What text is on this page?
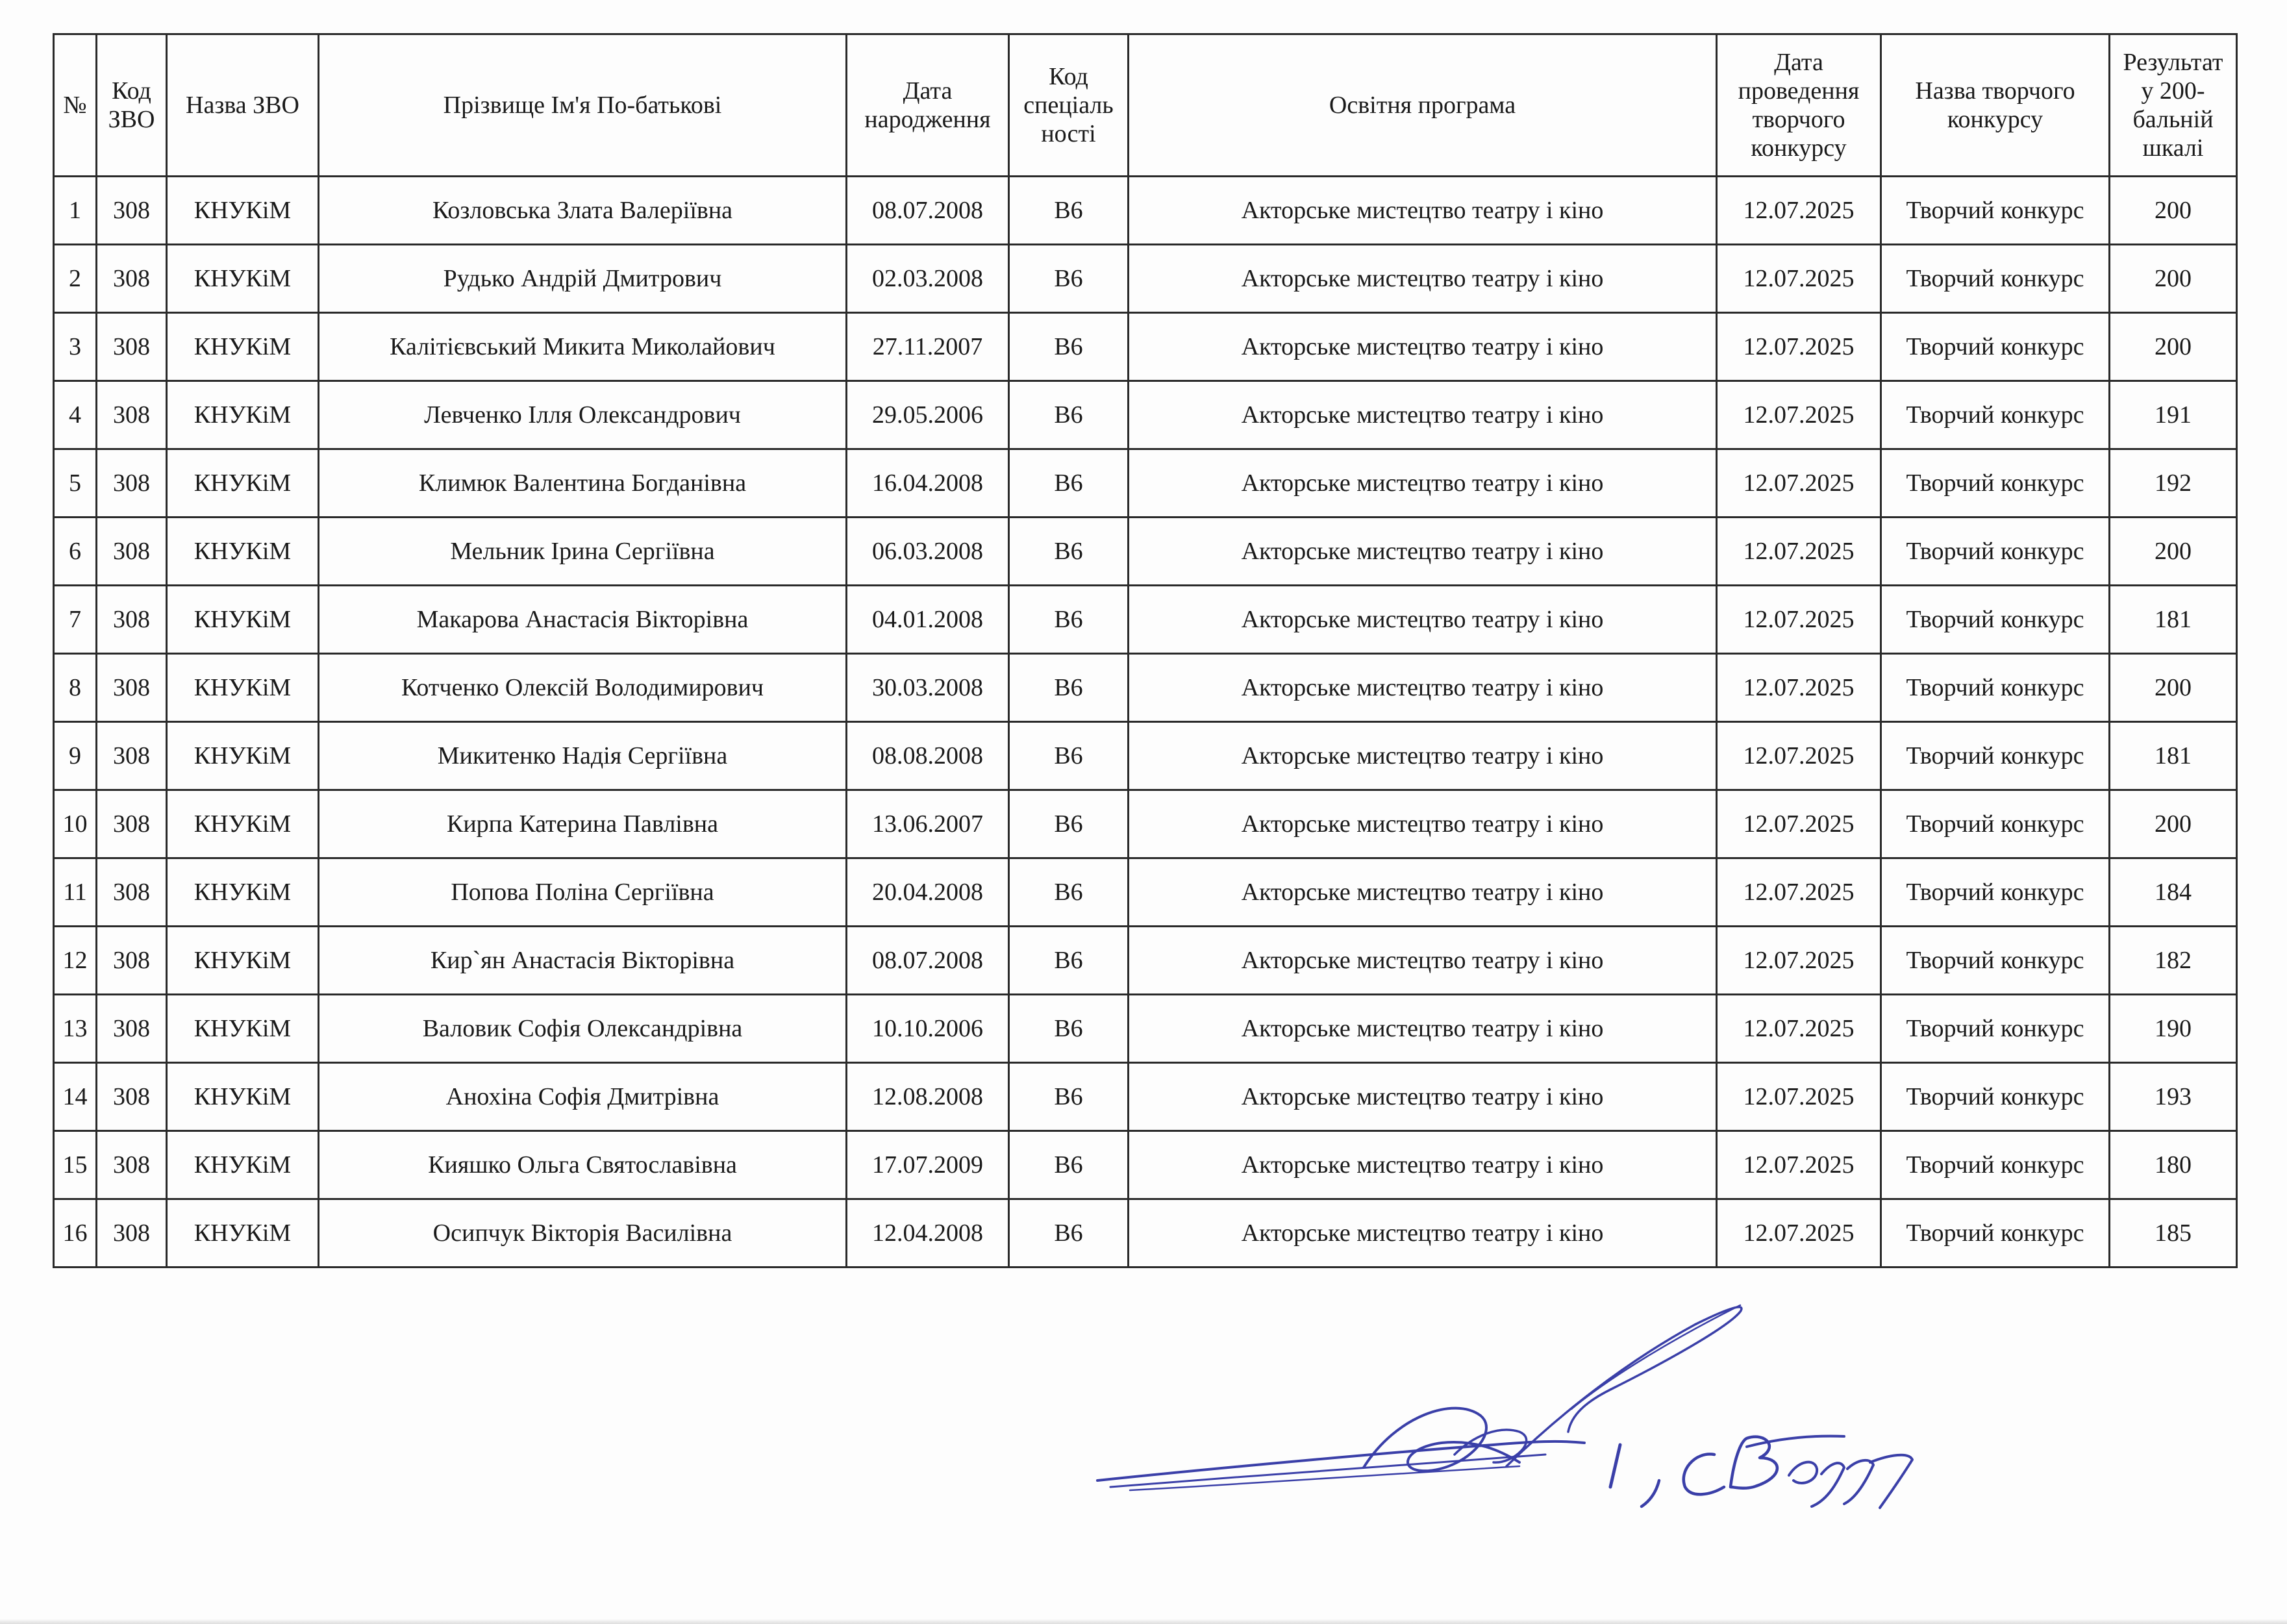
№	Код ЗВО	Назва ЗВО	Прізвище Ім'я По-батькові	Дата народження	Код спеціаль ності	Освітня програма	Дата проведення творчого конкурсу	Назва творчого конкурсу	Результат у 200-бальній шкалі
1	308	КНУКіМ	Козловська Злата Валеріївна	08.07.2008	В6	Акторське мистецтво театру і кіно	12.07.2025	Творчий конкурс	200
2	308	КНУКіМ	Рудько Андрій Дмитрович	02.03.2008	В6	Акторське мистецтво театру і кіно	12.07.2025	Творчий конкурс	200
3	308	КНУКіМ	Калітієвський Микита Миколайович	27.11.2007	В6	Акторське мистецтво театру і кіно	12.07.2025	Творчий конкурс	200
4	308	КНУКіМ	Левченко Ілля Олександрович	29.05.2006	В6	Акторське мистецтво театру і кіно	12.07.2025	Творчий конкурс	191
5	308	КНУКіМ	Климюк Валентина Богданівна	16.04.2008	В6	Акторське мистецтво театру і кіно	12.07.2025	Творчий конкурс	192
6	308	КНУКіМ	Мельник Ірина Сергіївна	06.03.2008	В6	Акторське мистецтво театру і кіно	12.07.2025	Творчий конкурс	200
7	308	КНУКіМ	Макарова Анастасія Вікторівна	04.01.2008	В6	Акторське мистецтво театру і кіно	12.07.2025	Творчий конкурс	181
8	308	КНУКіМ	Котченко Олексій Володимирович	30.03.2008	В6	Акторське мистецтво театру і кіно	12.07.2025	Творчий конкурс	200
9	308	КНУКіМ	Микитенко Надія Сергіївна	08.08.2008	В6	Акторське мистецтво театру і кіно	12.07.2025	Творчий конкурс	181
10	308	КНУКіМ	Кирпа Катерина Павлівна	13.06.2007	В6	Акторське мистецтво театру і кіно	12.07.2025	Творчий конкурс	200
11	308	КНУКіМ	Попова Поліна Сергіївна	20.04.2008	В6	Акторське мистецтво театру і кіно	12.07.2025	Творчий конкурс	184
12	308	КНУКіМ	Кир`ян Анастасія Вікторівна	08.07.2008	В6	Акторське мистецтво театру і кіно	12.07.2025	Творчий конкурс	182
13	308	КНУКіМ	Валовик Софія Олександрівна	10.10.2006	В6	Акторське мистецтво театру і кіно	12.07.2025	Творчий конкурс	190
14	308	КНУКіМ	Анохіна Софія Дмитрівна	12.08.2008	В6	Акторське мистецтво театру і кіно	12.07.2025	Творчий конкурс	193
15	308	КНУКіМ	Кияшко Ольга Святославівна	17.07.2009	В6	Акторське мистецтво театру і кіно	12.07.2025	Творчий конкурс	180
16	308	КНУКіМ	Осипчук Вікторія Василівна	12.04.2008	В6	Акторське мистецтво театру і кіно	12.07.2025	Творчий конкурс	185
